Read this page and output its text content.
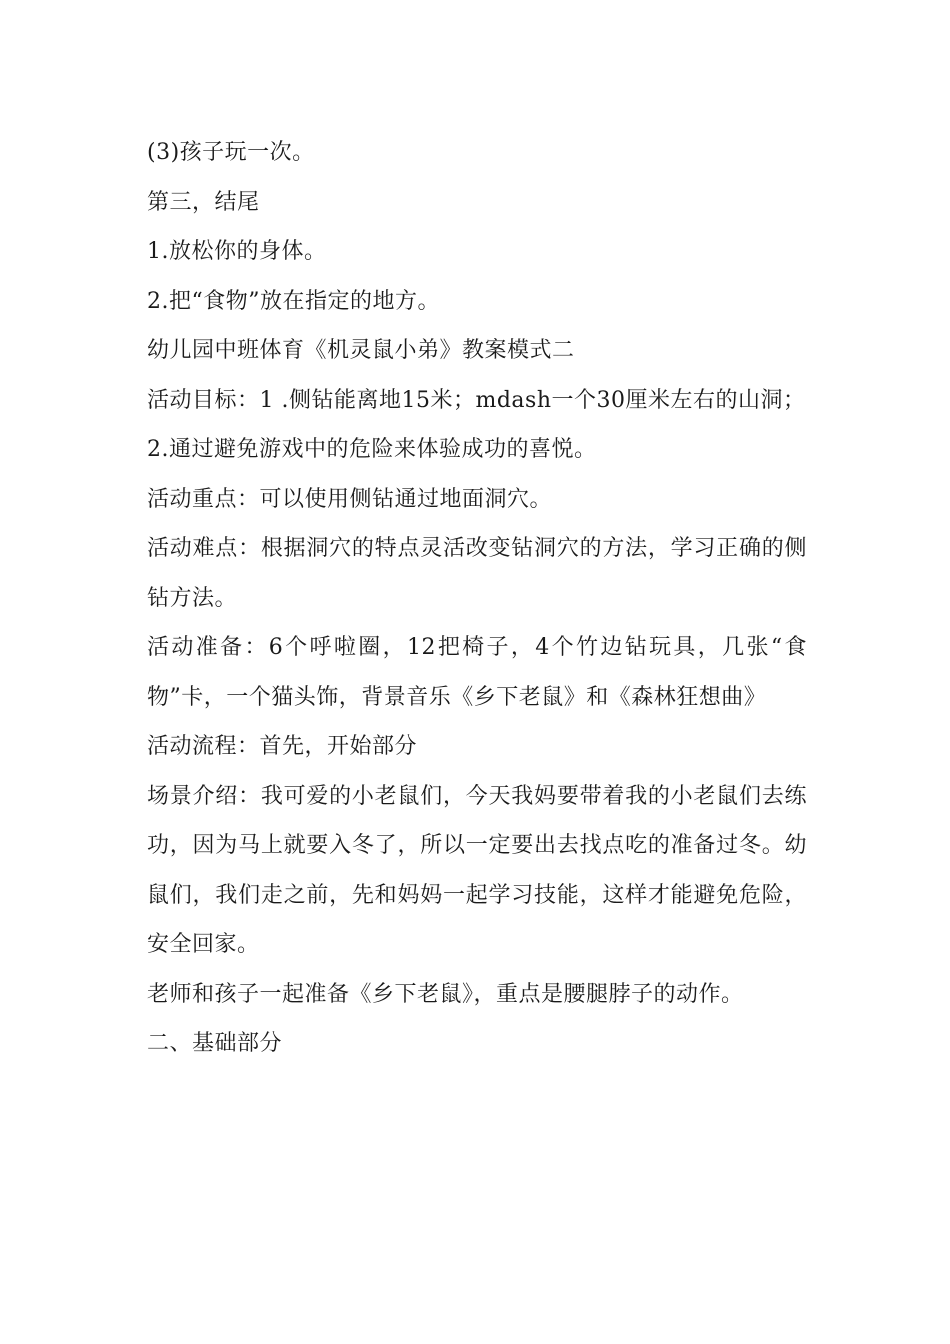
(3)孩子玩一次。

第三，结尾

1.放松你的身体。

2.把“食物”放在指定的地方。

幼儿园中班体育《机灵鼠小弟》教案模式二

活动目标：1 .侧钻能离地15米；mdash一个30厘米左右的山洞；

2.通过避免游戏中的危险来体验成功的喜悦。

活动重点：可以使用侧钻通过地面洞穴。

活动难点：根据洞穴的特点灵活改变钻洞穴的方法，学习正确的侧钻方法。

活动准备：6个呼啦圈，12把椅子，4个竹边钻玩具，几张“食物”卡，一个猫头饰，背景音乐《乡下老鼠》和《森林狂想曲》

活动流程：首先，开始部分

场景介绍：我可爱的小老鼠们，今天我妈要带着我的小老鼠们去练功，因为马上就要入冬了，所以一定要出去找点吃的准备过冬。幼鼠们，我们走之前，先和妈妈一起学习技能，这样才能避免危险，安全回家。

老师和孩子一起准备《乡下老鼠》，重点是腰腿脖子的动作。

二、基础部分
